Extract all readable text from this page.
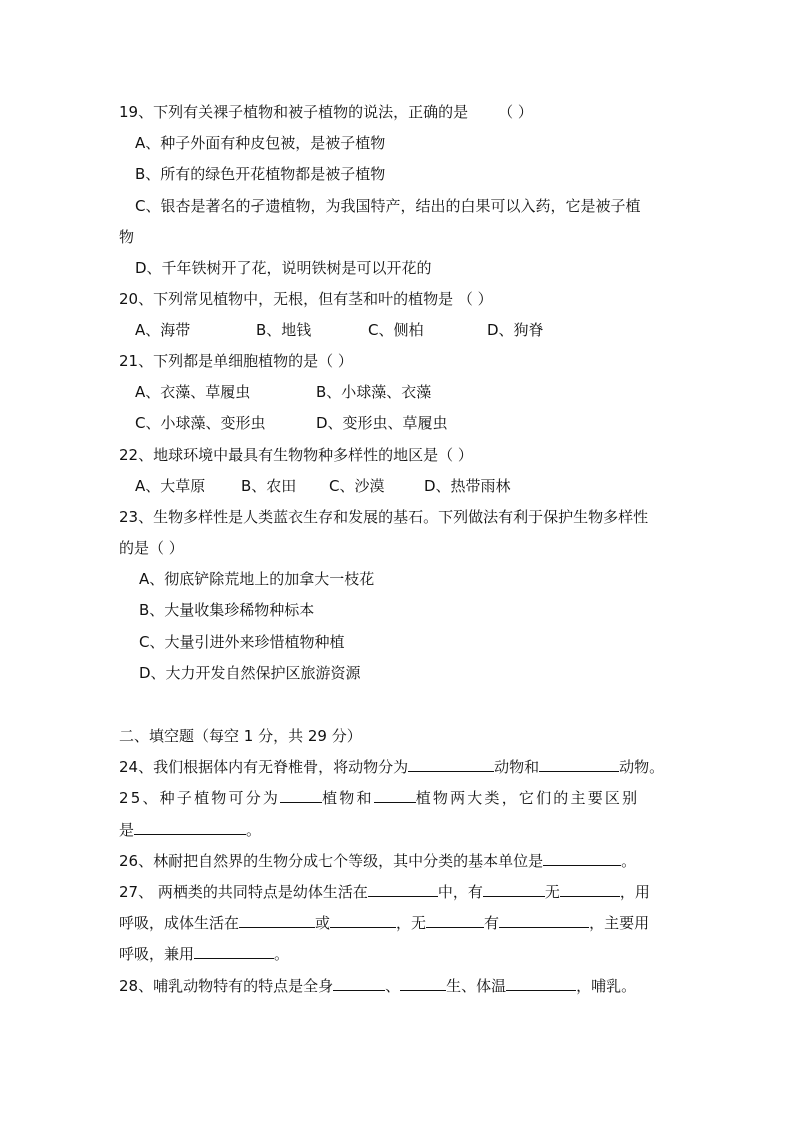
19、下列有关裸子植物和被子植物的说法，正确的是 （ ）
A、种子外面有种皮包被，是被子植物
B、所有的绿色开花植物都是被子植物
C、银杏是著名的孑遗植物，为我国特产，结出的白果可以入药，它是被子植
物
D、千年铁树开了花，说明铁树是可以开花的
20、下列常见植物中，无根，但有茎和叶的植物是 （ ）
A、海带	B、地钱	C、侧柏	D、狗脊
21、下列都是单细胞植物的是（ ）
A、衣藻、草履虫	B、小球藻、衣藻
C、小球藻、变形虫	D、变形虫、草履虫
22、地球环境中最具有生物物种多样性的地区是（ ）
A、大草原 B、农田 C、沙漠	D、热带雨林
23、生物多样性是人类蓝衣生存和发展的基石。下列做法有利于保护生物多样性
的是（ ）
A、彻底铲除荒地上的加拿大一枝花
B、大量收集珍稀物种标本
C、大量引进外来珍惜植物种植
D、大力开发自然保护区旅游资源
二、填空题（每空 1 分，共 29 分）
24、我们根据体内有无脊椎骨，将动物分为	动物和	动物。
25、种子植物可分为	植物和	植物两大类，它们的主要区别
是	。
26、林耐把自然界的生物分成七个等级，其中分类的基本单位是	。
27、 两栖类的共同特点是幼体生活在	中，有	无	，用
呼吸，成体生活在	或	，无	有	，主要用
呼吸，兼用	。
28、哺乳动物特有的特点是全身	、	生、体温	，哺乳。
